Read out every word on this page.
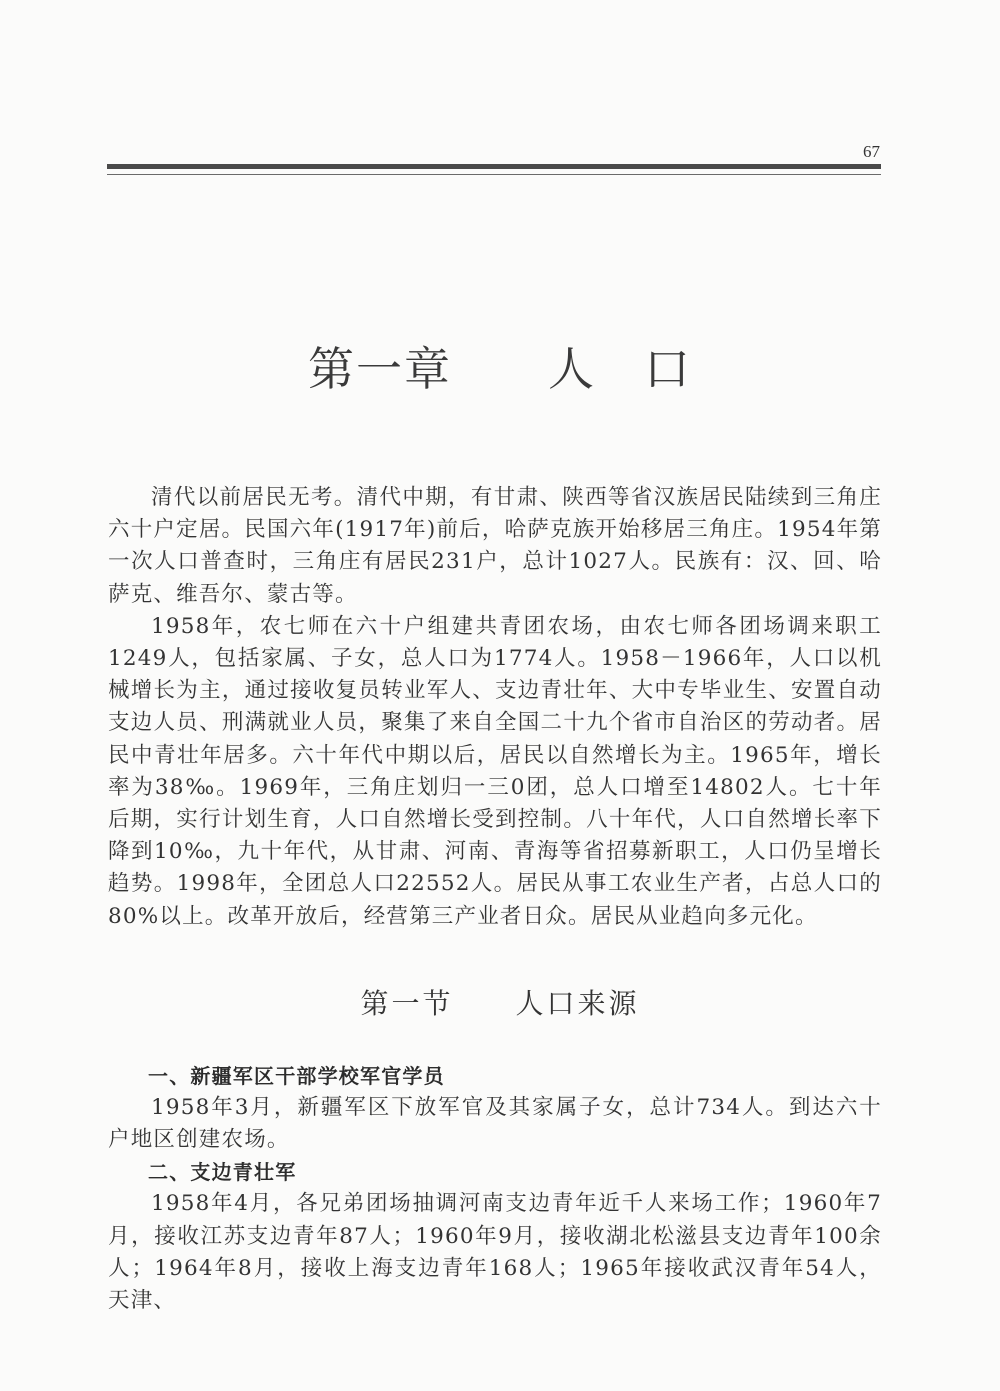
67
第一章　　人　口

清代以前居民无考。清代中期，有甘肃、陕西等省汉族居民陆续到三角庄六十户定居。民国六年(1917年)前后，哈萨克族开始移居三角庄。1954年第一次人口普查时，三角庄有居民231户，总计1027人。民族有：汉、回、哈萨克、维吾尔、蒙古等。

1958年，农七师在六十户组建共青团农场，由农七师各团场调来职工1249人，包括家属、子女，总人口为1774人。1958－1966年，人口以机械增长为主，通过接收复员转业军人、支边青壮年、大中专毕业生、安置自动支边人员、刑满就业人员，聚集了来自全国二十九个省市自治区的劳动者。居民中青壮年居多。六十年代中期以后，居民以自然增长为主。1965年，增长率为38‰。1969年，三角庄划归一三0团，总人口增至14802人。七十年后期，实行计划生育，人口自然增长受到控制。八十年代，人口自然增长率下降到10‰，九十年代，从甘肃、河南、青海等省招募新职工，人口仍呈增长趋势。1998年，全团总人口22552人。居民从事工农业生产者，占总人口的80%以上。改革开放后，经营第三产业者日众。居民从业趋向多元化。

第一节　　人口来源

一、新疆军区干部学校军官学员

1958年3月，新疆军区下放军官及其家属子女，总计734人。到达六十户地区创建农场。

二、支边青壮军

1958年4月，各兄弟团场抽调河南支边青年近千人来场工作；1960年7月，接收江苏支边青年87人；1960年9月，接收湖北松滋县支边青年100余人；1964年8月，接收上海支边青年168人；1965年接收武汉青年54人，天津、
